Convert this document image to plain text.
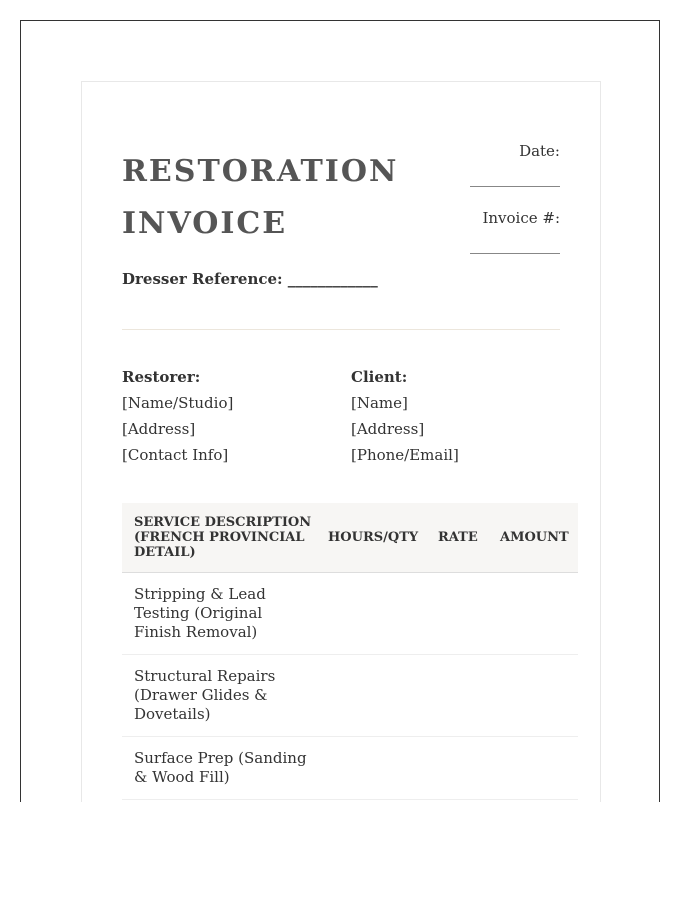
RESTORATION
INVOICE
Date:
____________
Invoice #:
____________
Dresser Reference: ____________
Restorer:
[Name/Studio]
[Address]
[Contact Info]
Client:
[Name]
[Address]
[Phone/Email]
SERVICE DESCRIPTION (FRENCH PROVINCIAL DETAIL)	HOURS/QTY	RATE	AMOUNT
Stripping & Lead Testing (Original Finish Removal)			
Structural Repairs (Drawer Glides & Dovetails)			
Surface Prep (Sanding & Wood Fill)			
